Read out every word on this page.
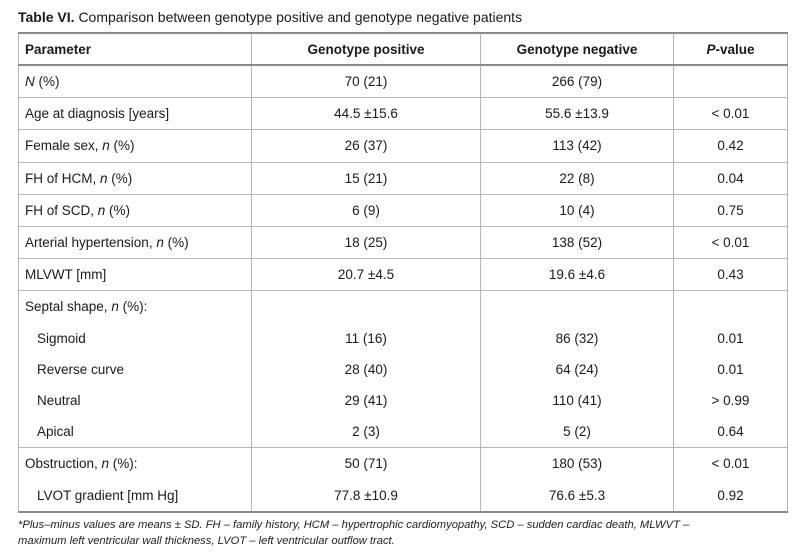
Table VI. Comparison between genotype positive and genotype negative patients
Parameter	Genotype positive	Genotype negative	P-value
N (%)	70 (21)	266 (79)	
Age at diagnosis [years]	44.5 ±15.6	55.6 ±13.9	< 0.01
Female sex, n (%)	26 (37)	113 (42)	0.42
FH of HCM, n (%)	15 (21)	22 (8)	0.04
FH of SCD, n (%)	6 (9)	10 (4)	0.75
Arterial hypertension, n (%)	18 (25)	138 (52)	< 0.01
MLVWT [mm]	20.7 ±4.5	19.6 ±4.6	0.43
Septal shape, n (%):			
Sigmoid	11 (16)	86 (32)	0.01
Reverse curve	28 (40)	64 (24)	0.01
Neutral	29 (41)	110 (41)	> 0.99
Apical	2 (3)	5 (2)	0.64
Obstruction, n (%):	50 (71)	180 (53)	< 0.01
LVOT gradient [mm Hg]	77.8 ±10.9	76.6 ±5.3	0.92
*Plus–minus values are means ± SD. FH – family history, HCM – hypertrophic cardiomyopathy, SCD – sudden cardiac death, MLWVT –
maximum left ventricular wall thickness, LVOT – left ventricular outflow tract.
